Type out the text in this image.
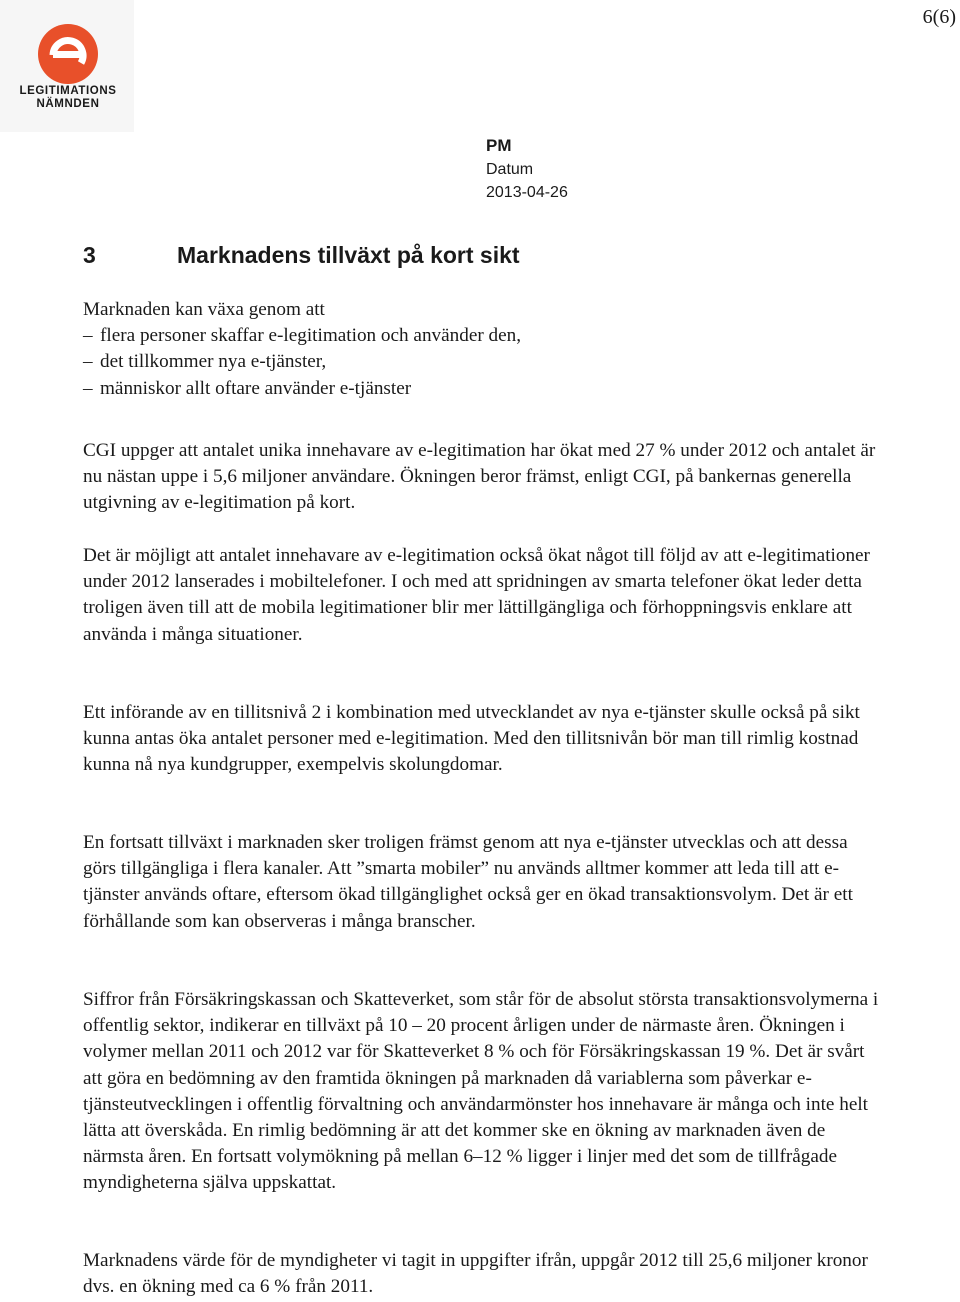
LEGITIMATIONS
NÄMNDEN
6(6)
PM
Datum
2013-04-26
3	Marknadens tillväxt på kort sikt

Marknaden kan växa genom att

– flera personer skaffar e-legitimation och använder den,

– det tillkommer nya e-tjänster,

– människor allt oftare använder e-tjänster

CGI uppger att antalet unika innehavare av e-legitimation har ökat med 27 % under 2012 och antalet är nu nästan uppe i 5,6 miljoner användare. Ökningen beror främst, enligt CGI, på bankernas generella utgivning av e-legitimation på kort.

Det är möjligt att antalet innehavare av e-legitimation också ökat något till följd av att e-legitimationer under 2012 lanserades i mobiltelefoner. I och med att spridningen av smarta telefoner ökat leder detta troligen även till att de mobila legitimationer blir mer lättillgängliga och förhoppningsvis enklare att använda i många situationer.

Ett införande av en tillitsnivå 2 i kombination med utvecklandet av nya e-tjänster skulle också på sikt kunna antas öka antalet personer med e-legitimation. Med den tillitsnivån bör man till rimlig kostnad kunna nå nya kundgrupper, exempelvis skolungdomar.

En fortsatt tillväxt i marknaden sker troligen främst genom att nya e-tjänster utvecklas och att dessa görs tillgängliga i flera kanaler. Att ”smarta mobiler” nu används alltmer kommer att leda till att e-tjänster används oftare, eftersom ökad tillgänglighet också ger en ökad transaktionsvolym. Det är ett förhållande som kan observeras i många branscher.

Siffror från Försäkringskassan och Skatteverket, som står för de absolut största transaktionsvolymerna i offentlig sektor, indikerar en tillväxt på 10 – 20 procent årligen under de närmaste åren. Ökningen i volymer mellan 2011 och 2012 var för Skatteverket 8 % och för Försäkringskassan 19 %. Det är svårt att göra en bedömning av den framtida ökningen på marknaden då variablerna som påverkar e-tjänsteutvecklingen i offentlig förvaltning och användarmönster hos innehavare är många och inte helt lätta att överskåda. En rimlig bedömning är att det kommer ske en ökning av marknaden även de närmsta åren. En fortsatt volymökning på mellan 6–12 % ligger i linjer med det som de tillfrågade myndigheterna själva uppskattat.

Marknadens värde för de myndigheter vi tagit in uppgifter ifrån, uppgår 2012 till 25,6 miljoner kronor dvs. en ökning med ca 6 % från 2011.
